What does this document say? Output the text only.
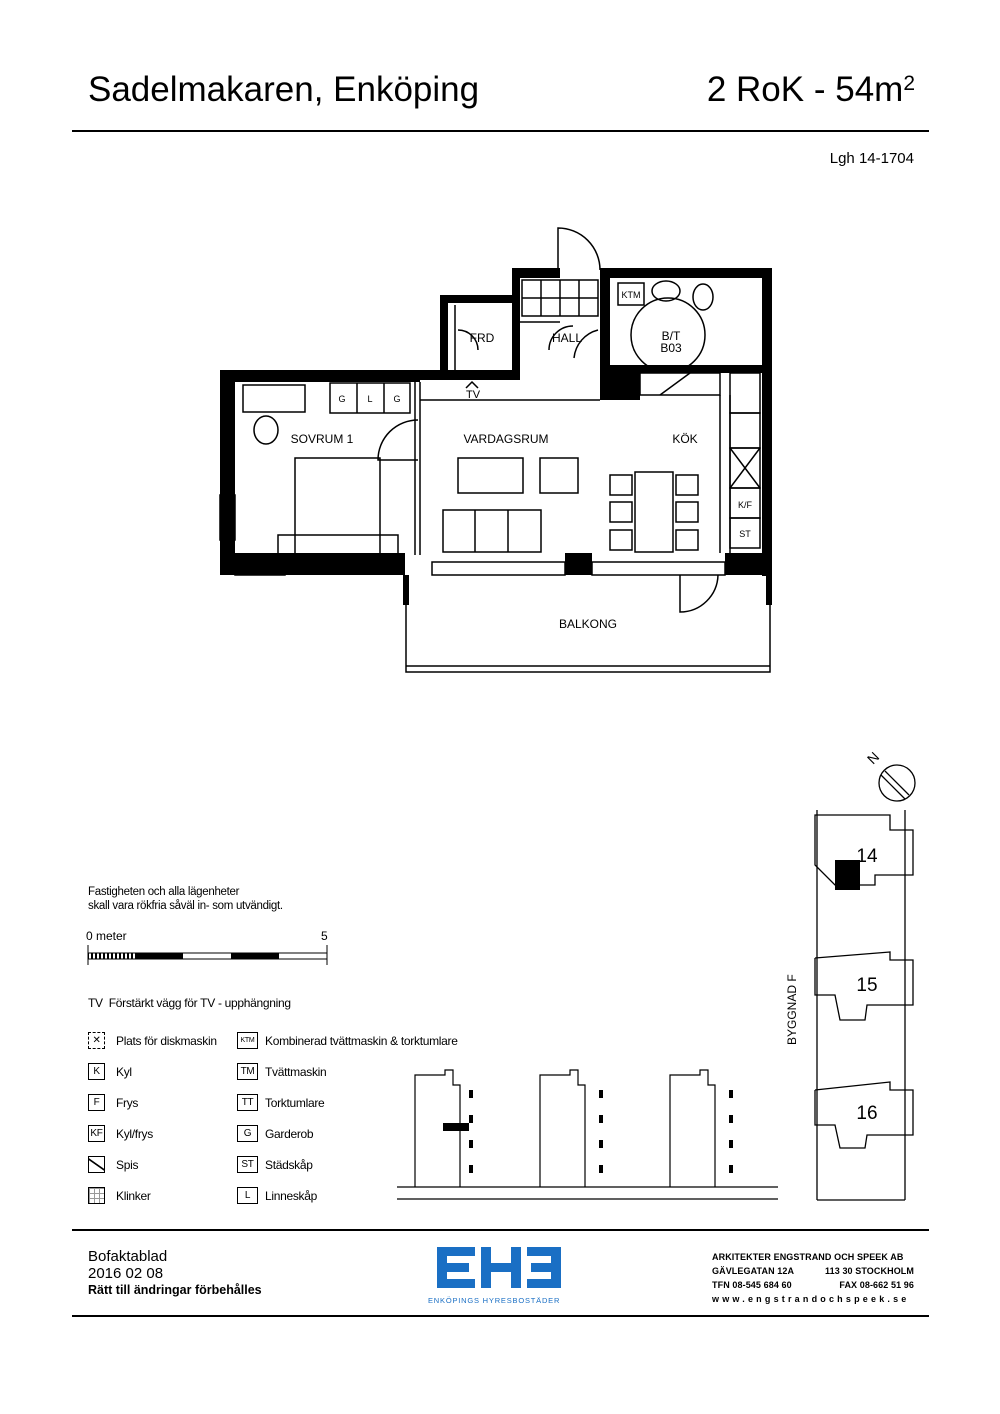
Sadelmakaren, Enköping	2 RoK - $54m^2$
Lgh 14-1704
FRD	HALL	B/T
B03
SOVRUM 1	VARDAGSRUM	KÖK
BALKONG
KTM
G
G L G	TV
K/F
ST
N
14
15
16
BYGGNAD F
Fastigheten och alla lägenheter
skall vara rökfria såväl in- som utvändigt.
0 meter	5
TV Förstärkt vägg för TV - upphängning
✕	Plats för diskmaskin
K	Kyl
F	Frys
KF Kyl/frys
Spis
Klinker
KTM Kombinerad tvättmaskin & torktumlare
TM Tvättmaskin
TT Torktumlare
G	Garderob
ST Städskåp
L	Linneskåp
Bofaktablad
2016 02 08
Rätt till ändringar förbehålles
ENKÖPINGS HYRESBOSTÄDER
ARKITEKTER ENGSTRAND OCH SPEEK AB
GÄVLEGATAN 12A	113 30 STOCKHOLM
TFN 08-545 684 60	FAX 08-662 51 96
www.engstrandochspeek.se
